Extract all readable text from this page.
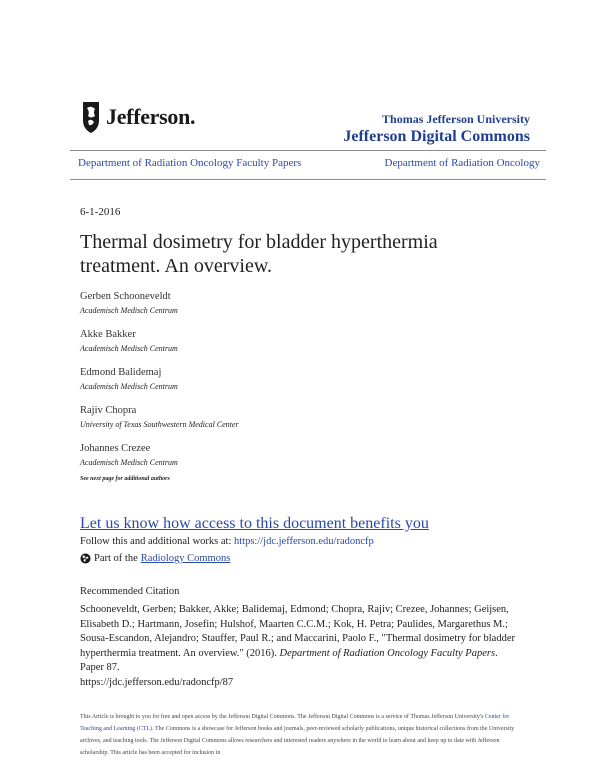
Jefferson.	Thomas Jefferson University
Jefferson Digital Commons
Department of Radiation Oncology Faculty Papers	Department of Radiation Oncology
6-1-2016
Thermal dosimetry for bladder hyperthermia treatment. An overview.
Gerben Schooneveldt
Academisch Medisch Centrum
Akke Bakker
Academisch Medisch Centrum
Edmond Balidemaj
Academisch Medisch Centrum
Rajiv Chopra
University of Texas Southwestern Medical Center
Johannes Crezee
Academisch Medisch Centrum
See next page for additional authors
Let us know how access to this document benefits you
Follow this and additional works at: https://jdc.jefferson.edu/radoncfp
Part of the Radiology Commons
Recommended Citation
Schooneveldt, Gerben; Bakker, Akke; Balidemaj, Edmond; Chopra, Rajiv; Crezee, Johannes; Geijsen, Elisabeth D.; Hartmann, Josefin; Hulshof, Maarten C.C.M.; Kok, H. Petra; Paulides, Margarethus M.; Sousa-Escandon, Alejandro; Stauffer, Paul R.; and Maccarini, Paolo F., "Thermal dosimetry for bladder hyperthermia treatment. An overview." (2016). Department of Radiation Oncology Faculty Papers. Paper 87.
https://jdc.jefferson.edu/radoncfp/87
This Article is brought to you for free and open access by the Jefferson Digital Commons. The Jefferson Digital Commons is a service of Thomas Jefferson University's Center for Teaching and Learning (CTL). The Commons is a showcase for Jefferson books and journals, peer-reviewed scholarly publications, unique historical collections from the University archives, and teaching tools. The Jefferson Digital Commons allows researchers and interested readers anywhere in the world to learn about and keep up to date with Jefferson scholarship. This article has been accepted for inclusion in
